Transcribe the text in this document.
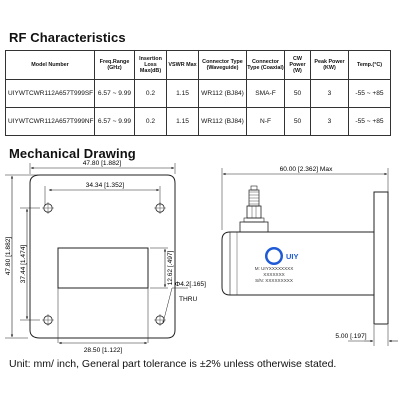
RF Characteristics
Model Number	Freq.Range (GHz)	Insertion Loss Max(dB)	VSWR Max	Connector Type (Waveguide)	Connector Type (Coaxial)	CW Power (W)	Peak Power (KW)	Temp.(°C)
UIYWTCWR112A657T999SF	6.57 ~ 9.99	0.2	1.15	WR112 (BJ84)	SMA-F	50	3	-55 ~ +85
UIYWTCWR112A657T999NF	6.57 ~ 9.99	0.2	1.15	WR112 (BJ84)	N-F	50	3	-55 ~ +85
Mechanical Drawing
47.80 [1.882]
34.34 [1.352]
47.80 [1.882] 37.44 [1.474]	12.62 [.497] Φ4.2[.165]
THRU
28.50 [1.122]
UIY
M: UIYXXXXXXXX
XXXXXXX
S/N: XXXXXXXXX
60.00 [2.362] Max
5.00 [.197]
Unit: mm/ inch, General part tolerance is ±2% unless otherwise stated.
